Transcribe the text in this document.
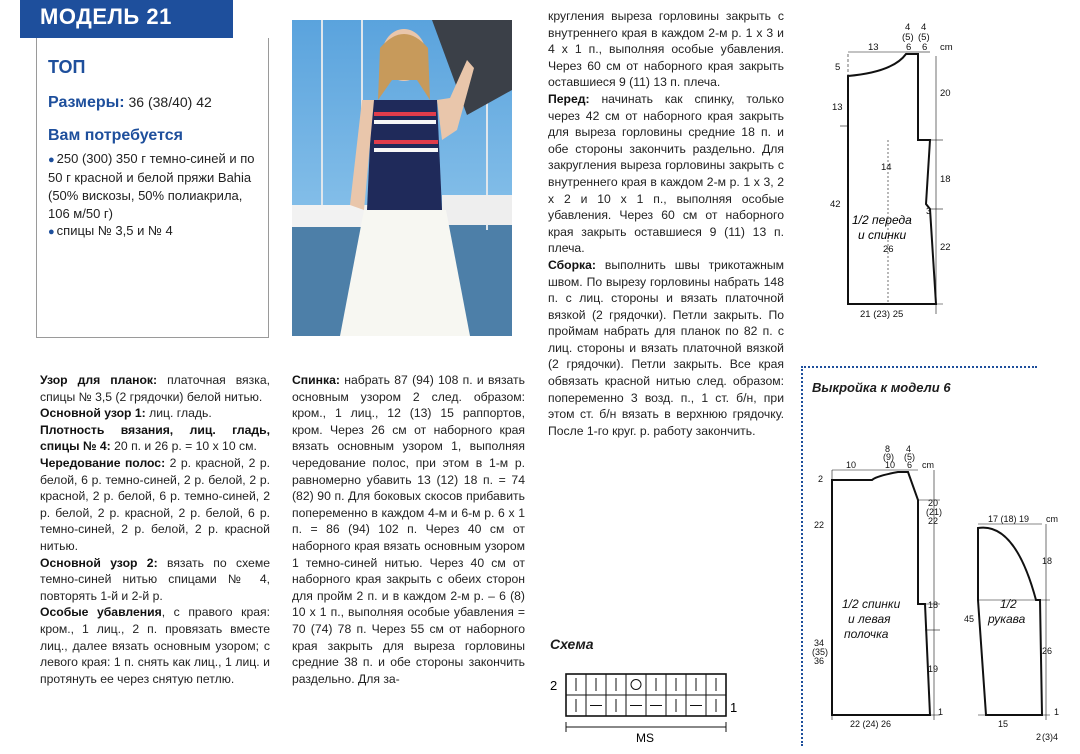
МОДЕЛЬ 21
ТОП
Размеры: 36 (38/40) 42
Вам потребуется
● 250 (300) 350 г темно-синей и по 50 г красной и белой пряжи Bahia (50% вискозы, 50% полиакрила, 106 м/50 г)
● спицы № 3,5 и № 4

Узор для планок: платочная вязка, спицы № 3,5 (2 грядочки) белой нитью.

Основной узор 1: лиц. гладь.

Плотность вязания, лиц. гладь, спицы № 4: 20 п. и 26 р. = 10 х 10 см.

Чередование полос: 2 р. красной, 2 р. белой, 6 р. темно-синей, 2 р. белой, 2 р. красной, 2 р. белой, 6 р. темно-синей, 2 р. белой, 2 р. красной, 2 р. белой, 6 р. темно-синей, 2 р. белой, 2 р. красной нитью.

Основной узор 2: вязать по схеме темно-синей нитью спицами № 4, повторять 1-й и 2-й р.

Особые убавления, с правого края: кром., 1 лиц., 2 п. провязать вместе лиц., далее вязать основным узором; с левого края: 1 п. снять как лиц., 1 лиц. и протянуть ее через снятую петлю.

Спинка: набрать 87 (94) 108 п. и вязать основным узором 2 след. образом: кром., 1 лиц., 12 (13) 15 раппортов, кром. Через 26 см от наборного края вязать основным узором 1, выполняя чередование полос, при этом в 1-м р. равномерно убавить 13 (12) 18 п. = 74 (82) 90 п. Для боковых скосов прибавить попеременно в каждом 4-м и 6-м р. 6 х 1 п. = 86 (94) 102 п. Через 40 см от наборного края вязать основным узором 1 темно-синей нитью. Через 40 см от наборного края закрыть с обеих сторон для пройм 2 п. и в каждом 2-м р. – 6 (8) 10 х 1 п., выполняя особые убавления = 70 (74) 78 п. Через 55 см от наборного края закрыть для выреза горловины средние 38 п. и обе стороны закончить раздельно. Для за-

кругления выреза горловины закрыть с внутреннего края в каждом 2-м р. 1 х 3 и 4 х 1 п., выполняя особые убавления. Через 60 см от наборного края закрыть оставшиеся 9 (11) 13 п. плеча.

Перед: начинать как спинку, только через 42 см от наборного края закрыть для выреза горловины средние 18 п. и обе стороны закончить раздельно. Для закругления выреза горловины закрыть с внутреннего края в каждом 2-м р. 1 х 3, 2 х 2 и 10 х 1 п., выполняя особые убавления. Через 60 см от наборного края закрыть оставшиеся 9 (11) 13 п. плеча.

Сборка: выполнить швы трикотажным швом. По вырезу горловины набрать 148 п. с лиц. стороны и вязать платочной вязкой (2 грядочки). Петли закрыть. По проймам набрать для планок по 82 п. с лиц. стороны и вязать платочной вязкой (2 грядочки). Петли закрыть. Все края обвязать красной нитью след. образом: попеременно 3 возд. п., 1 ст. б/н, при этом ст. б/н вязать в верхнюю грядочку. После 1-го круг. р. работу закончить.

Схема
2
1
MS
13
4
(5)
6
4
(5)
6 cm
5
13
20
14
18
42
3
26	22
21 (23) 25
1/2 переда
и спинки
Выкройка к модели 6
8
(9)
10
10
4
(5)
6 cm
2
20
(21)
22
22
18
34
(35)
36
19
22 (24) 26
1
17 (18) 19 cm
18
45
26
15
2 (3) 4
1
1/2 спинки
и левая
полочка
1/2
рукава
